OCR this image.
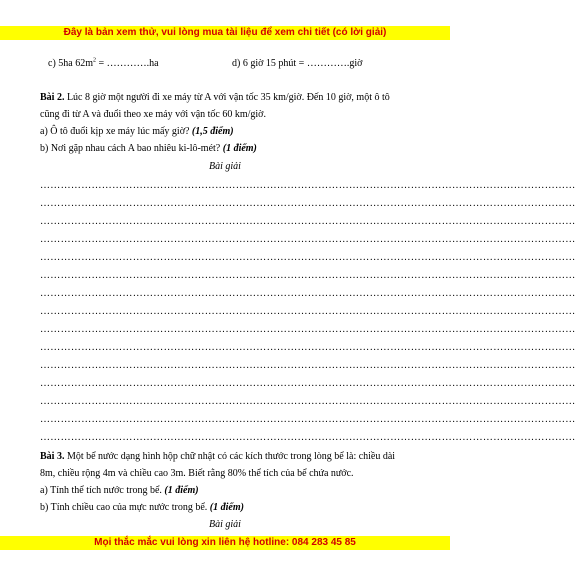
Đây là bản xem thử, vui lòng mua tài liệu để xem chi tiết (có lời giải)
c) 5ha $62m^2$ = ………….ha	d) 6 giờ 15 phút = ………….giờ
Bài 2. Lúc 8 giờ một người đi xe máy từ A với vận tốc 35 km/giờ. Đến 10 giờ, một ô tô
cũng đi từ A và đuổi theo xe máy với vận tốc 60 km/giờ.
a) Ô tô đuổi kịp xe máy lúc mấy giờ? (1,5 điểm)
b) Nơi gặp nhau cách A bao nhiêu ki-lô-mét? (1 điểm)
Bài giải
…………………………………………………………………………………………………………………………………………
…………………………………………………………………………………………………………………………………………
…………………………………………………………………………………………………………………………………………
…………………………………………………………………………………………………………………………………………
…………………………………………………………………………………………………………………………………………
…………………………………………………………………………………………………………………………………………
…………………………………………………………………………………………………………………………………………
…………………………………………………………………………………………………………………………………………
…………………………………………………………………………………………………………………………………………
…………………………………………………………………………………………………………………………………………
…………………………………………………………………………………………………………………………………………
…………………………………………………………………………………………………………………………………………
…………………………………………………………………………………………………………………………………………
…………………………………………………………………………………………………………………………………………
…………………………………………………………………………………………………………………………………………
Bài 3. Một bể nước dạng hình hộp chữ nhật có các kích thước trong lòng bể là: chiều dài
8m, chiều rộng 4m và chiều cao 3m. Biết rằng 80% thể tích của bể chứa nước.
a) Tính thể tích nước trong bể. (1 điểm)
b) Tính chiều cao của mực nước trong bể. (1 điểm)
Bài giải
Mọi thắc mắc vui lòng xin liên hệ hotline: 084 283 45 85
